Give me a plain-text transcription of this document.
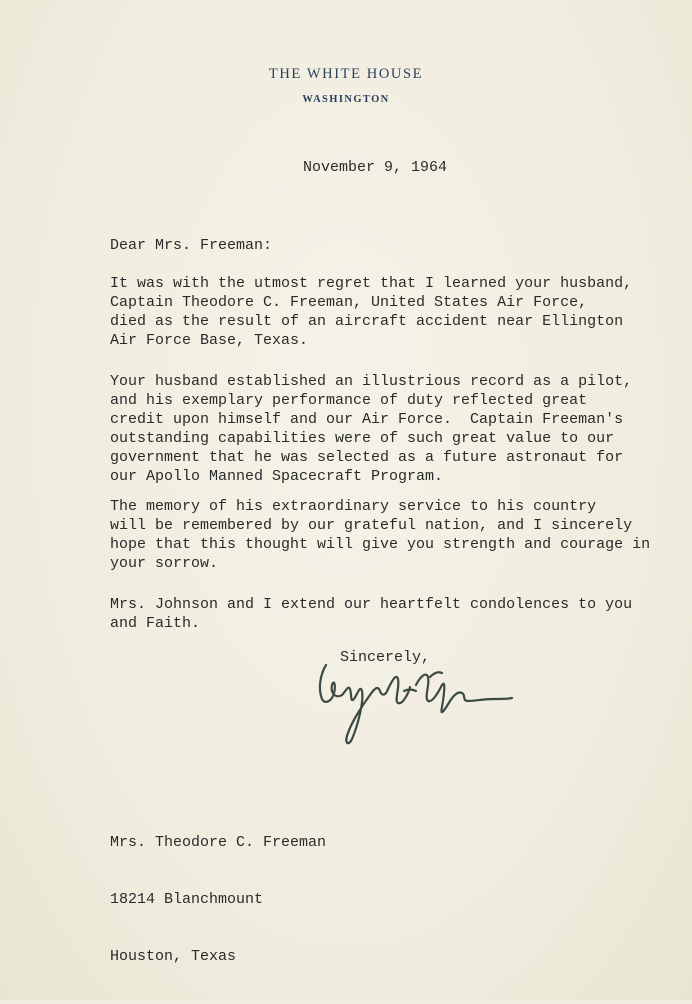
THE WHITE HOUSE
WASHINGTON
November 9, 1964
Dear Mrs. Freeman:
It was with the utmost regret that I learned your husband,
Captain Theodore C. Freeman, United States Air Force,
died as the result of an aircraft accident near Ellington
Air Force Base, Texas.
Your husband established an illustrious record as a pilot,
and his exemplary performance of duty reflected great
credit upon himself and our Air Force.  Captain Freeman's
outstanding capabilities were of such great value to our
government that he was selected as a future astronaut for
our Apollo Manned Spacecraft Program.
The memory of his extraordinary service to his country
will be remembered by our grateful nation, and I sincerely
hope that this thought will give you strength and courage in
your sorrow.
Mrs. Johnson and I extend our heartfelt condolences to you
and Faith.
Sincerely,

Mrs. Theodore C. Freeman

18214 Blanchmount

Houston, Texas
